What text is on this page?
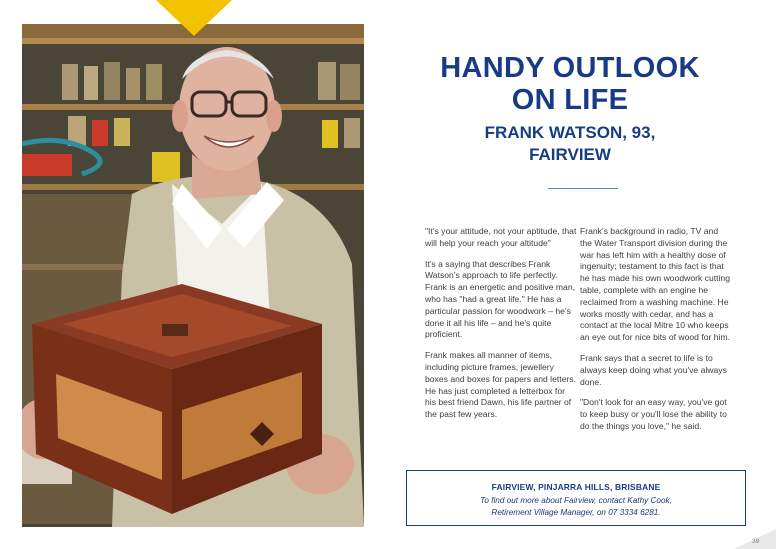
HANDY OUTLOOK
ON LIFE
FRANK WATSON, 93,
FAIRVIEW

"It's your attitude, not your aptitude, that will help your reach your altitude"

It's a saying that describes Frank Watson's approach to life perfectly. Frank is an energetic and positive man, who has "had a great life." He has a particular passion for woodwork – he's done it all his life – and he's quite proficient.

Frank makes all manner of items, including picture frames, jewellery boxes and boxes for papers and letters. He has just completed a letterbox for his best friend Dawn, his life partner of the past few years.

Frank's background in radio, TV and the Water Transport division during the war has left him with a healthy dose of ingenuity; testament to this fact is that he has made his own woodwork cutting table, complete with an engine he reclaimed from a washing machine. He works mostly with cedar, and has a contact at the local Mitre 10 who keeps an eye out for nice bits of wood for him.

Frank says that a secret to life is to always keep doing what you've always done.

"Don't look for an easy way, you've got to keep busy or you'll lose the ability to do the things you love," he said.

FAIRVIEW, PINJARRA HILLS, BRISBANE
To find out more about Fairview, contact Kathy Cook,
Retirement Village Manager, on 07 3334 6281.
39
